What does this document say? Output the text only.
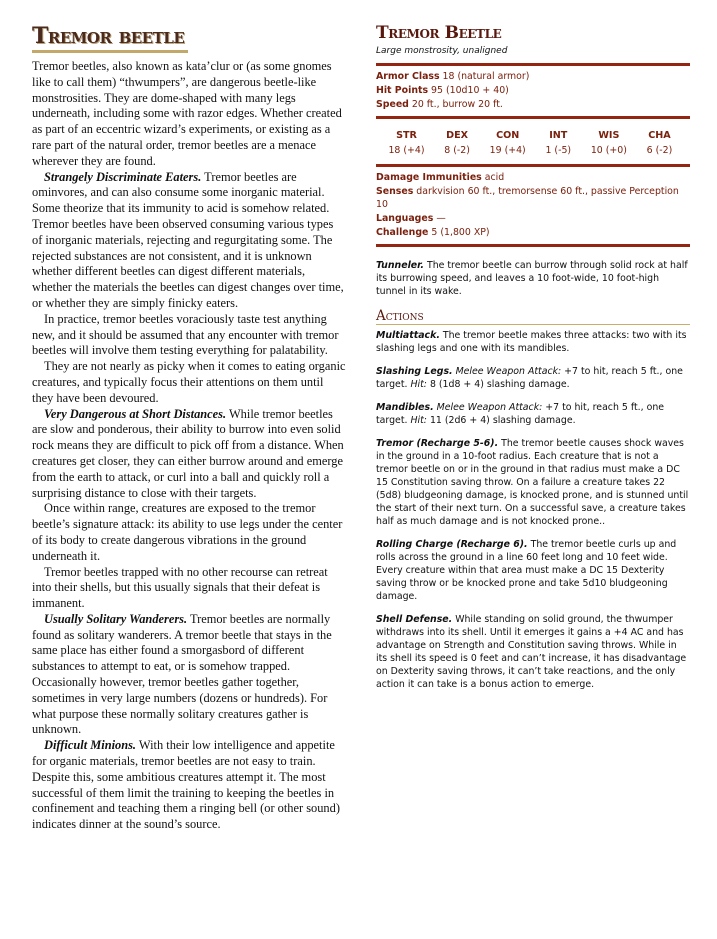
Tremor beetle

Tremor beetles, also known as kata’clur or (as some gnomes like to call them) “thwumpers”, are dangerous beetle-like monstrosities. They are dome-shaped with many legs underneath, including some with razor edges. Whether created as part of an eccentric wizard’s experiments, or existing as a rare part of the natural order, tremor beetles are a menace wherever they are found.

Strangely Discriminate Eaters. Tremor beetles are ominvores, and can also consume some inorganic material. Some theorize that its immunity to acid is somehow related. Tremor beetles have been observed consuming various types of inorganic materials, rejecting and regurgitating some. The rejected substances are not consistent, and it is unknown whether different beetles can digest different materials, whether the materials the beetles can digest changes over time, or whether they are simply finicky eaters.

In practice, tremor beetles voraciously taste test anything new, and it should be assumed that any encounter with tremor beetles will involve them testing everything for palatability.

They are not nearly as picky when it comes to eating organic creatures, and typically focus their attentions on them until they have been devoured.

Very Dangerous at Short Distances. While tremor beetles are slow and ponderous, their ability to burrow into even solid rock means they are difficult to pick off from a distance. When creatures get closer, they can either burrow around and emerge from the earth to attack, or curl into a ball and quickly roll a surprising distance to close with their targets.

Once within range, creatures are exposed to the tremor beetle’s signature attack: its ability to use legs under the center of its body to create dangerous vibrations in the ground underneath it.

Tremor beetles trapped with no other recourse can retreat into their shells, but this usually signals that their defeat is immanent.

Usually Solitary Wanderers. Tremor beetles are normally found as solitary wanderers. A tremor beetle that stays in the same place has either found a smorgasbord of different substances to attempt to eat, or is somehow trapped. Occasionally however, tremor beetles gather together, sometimes in very large numbers (dozens or hundreds). For what purpose these normally solitary creatures gather is unknown.

Difficult Minions. With their low intelligence and appetite for organic materials, tremor beetles are not easy to train. Despite this, some ambitious creatures attempt it. The most successful of them limit the training to keeping the beetles in confinement and teaching them a ringing bell (or other sound) indicates dinner at the sound’s source.

Tremor Beetle
Large monstrosity, unaligned
Armor Class 18 (natural armor)
Hit Points 95 (10d10 + 40)
Speed 20 ft., burrow 20 ft.
STR
18 (+4)
DEX
8 (-2)
CON
19 (+4)
INT
1 (-5)
WIS
10 (+0)
CHA
6 (-2)
Damage Immunities acid
Senses darkvision 60 ft., tremorsense 60 ft., passive Perception 10
Languages —
Challenge 5 (1,800 XP)

Tunneler. The tremor beetle can burrow through solid rock at half its burrowing speed, and leaves a 10 foot-wide, 10 foot-high tunnel in its wake.

Actions

Multiattack. The tremor beetle makes three attacks: two with its slashing legs and one with its mandibles.

Slashing Legs. Melee Weapon Attack: +7 to hit, reach 5 ft., one target. Hit: 8 (1d8 + 4) slashing damage.

Mandibles. Melee Weapon Attack: +7 to hit, reach 5 ft., one target. Hit: 11 (2d6 + 4) slashing damage.

Tremor (Recharge 5-6). The tremor beetle causes shock waves in the ground in a 10-foot radius. Each creature that is not a tremor beetle on or in the ground in that radius must make a DC 15 Constitution saving throw. On a failure a creature takes 22 (5d8) bludgeoning damage, is knocked prone, and is stunned until the start of their next turn. On a successful save, a creature takes half as much damage and is not knocked prone..

Rolling Charge (Recharge 6). The tremor beetle curls up and rolls across the ground in a line 60 feet long and 10 feet wide. Every creature within that area must make a DC 15 Dexterity saving throw or be knocked prone and take 5d10 bludgeoning damage.

Shell Defense. While standing on solid ground, the thwumper withdraws into its shell. Until it emerges it gains a +4 AC and has advantage on Strength and Constitution saving throws. While in its shell its speed is 0 feet and can’t increase, it has disadvantage on Dexterity saving throws, it can’t take reactions, and the only action it can take is a bonus action to emerge.
